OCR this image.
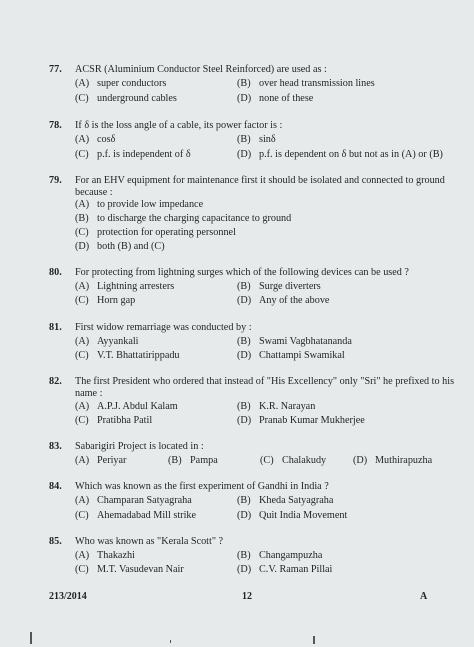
77. ACSR (Aluminium Conductor Steel Reinforced) are used as :
(A) super conductors	(B) over head transmission lines
(C) underground cables	(D) none of these
78. If δ is the loss angle of a cable, its power factor is :
(A) cosδ	(B) sinδ
(C) p.f. is independent of δ	(D) p.f. is dependent on δ but not as in (A) or (B)
79. For an EHV equipment for maintenance first it should be isolated and connected to ground because :
(A) to provide low impedance
(B) to discharge the charging capacitance to ground
(C) protection for operating personnel
(D) both (B) and (C)
80. For protecting from lightning surges which of the following devices can be used ?
(A) Lightning arresters	(B) Surge diverters
(C) Horn gap	(D) Any of the above
81. First widow remarriage was conducted by :
(A) Ayyankali	(B) Swami Vagbhatananda
(C) V.T. Bhattatirippadu	(D) Chattampi Swamikal
82. The first President who ordered that instead of "His Excellency" only "Sri" he prefixed to his name :
(A) A.P.J. Abdul Kalam	(B) K.R. Narayan
(C) Pratibha Patil	(D) Pranab Kumar Mukherjee
83. Sabarigiri Project is located in :
(A) Periyar	(B) Pampa	(C) Chalakudy	(D) Muthirapuzha
84. Which was known as the first experiment of Gandhi in India ?
(A) Champaran Satyagraha	(B) Kheda Satyagraha
(C) Ahemadabad Mill strike	(D) Quit India Movement
85. Who was known as "Kerala Scott" ?
(A) Thakazhi	(B) Changampuzha
(C) M.T. Vasudevan Nair	(D) C.V. Raman Pillai
213/2014	12	A
